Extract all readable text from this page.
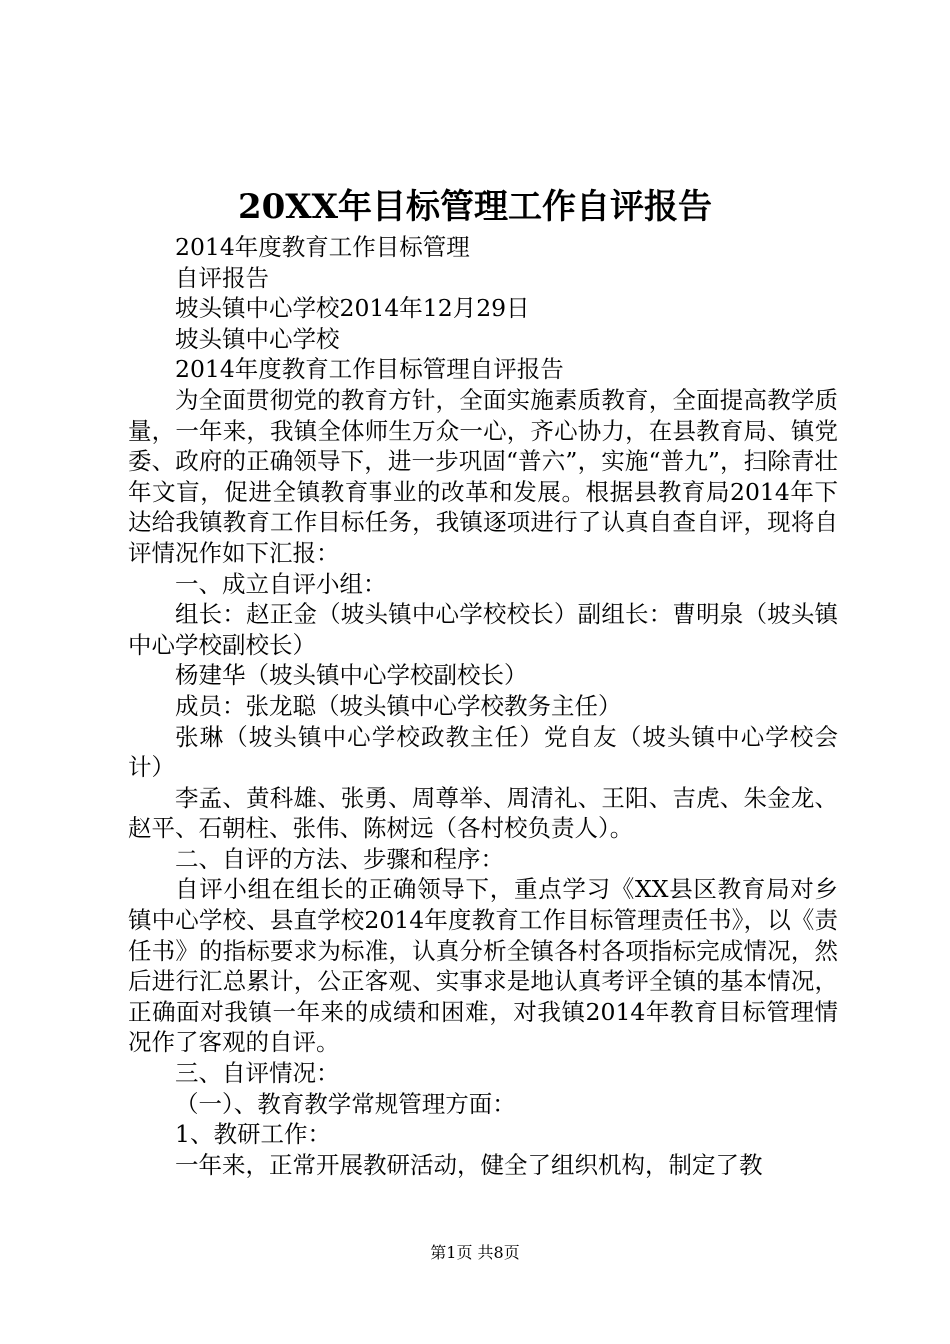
20XX年目标管理工作自评报告

2014年度教育工作目标管理

自评报告

坡头镇中心学校2014年12月29日

坡头镇中心学校

2014年度教育工作目标管理自评报告

为全面贯彻党的教育方针，全面实施素质教育，全面提高教学质量，一年来，我镇全体师生万众一心，齐心协力，在县教育局、镇党委、政府的正确领导下，进一步巩固“普六”，实施“普九”，扫除青壮年文盲，促进全镇教育事业的改革和发展。根据县教育局2014年下达给我镇教育工作目标任务，我镇逐项进行了认真自查自评，现将自评情况作如下汇报：

一、成立自评小组：

组长：赵正金（坡头镇中心学校校长）副组长：曹明泉（坡头镇中心学校副校长）

杨建华（坡头镇中心学校副校长）

成员：张龙聪（坡头镇中心学校教务主任）

张琳（坡头镇中心学校政教主任）党自友（坡头镇中心学校会计）

李孟、黄科雄、张勇、周尊举、周清礼、王阳、吉虎、朱金龙、赵平、石朝柱、张伟、陈树远（各村校负责人）。

二、自评的方法、步骤和程序：

自评小组在组长的正确领导下，重点学习《XX县区教育局对乡镇中心学校、县直学校2014年度教育工作目标管理责任书》，以《责任书》的指标要求为标准，认真分析全镇各村各项指标完成情况，然后进行汇总累计，公正客观、实事求是地认真考评全镇的基本情况，正确面对我镇一年来的成绩和困难，对我镇2014年教育目标管理情况作了客观的自评。

三、自评情况：

（一）、教育教学常规管理方面：

1、教研工作：

一年来，正常开展教研活动，健全了组织机构，制定了教

第1页 共8页
